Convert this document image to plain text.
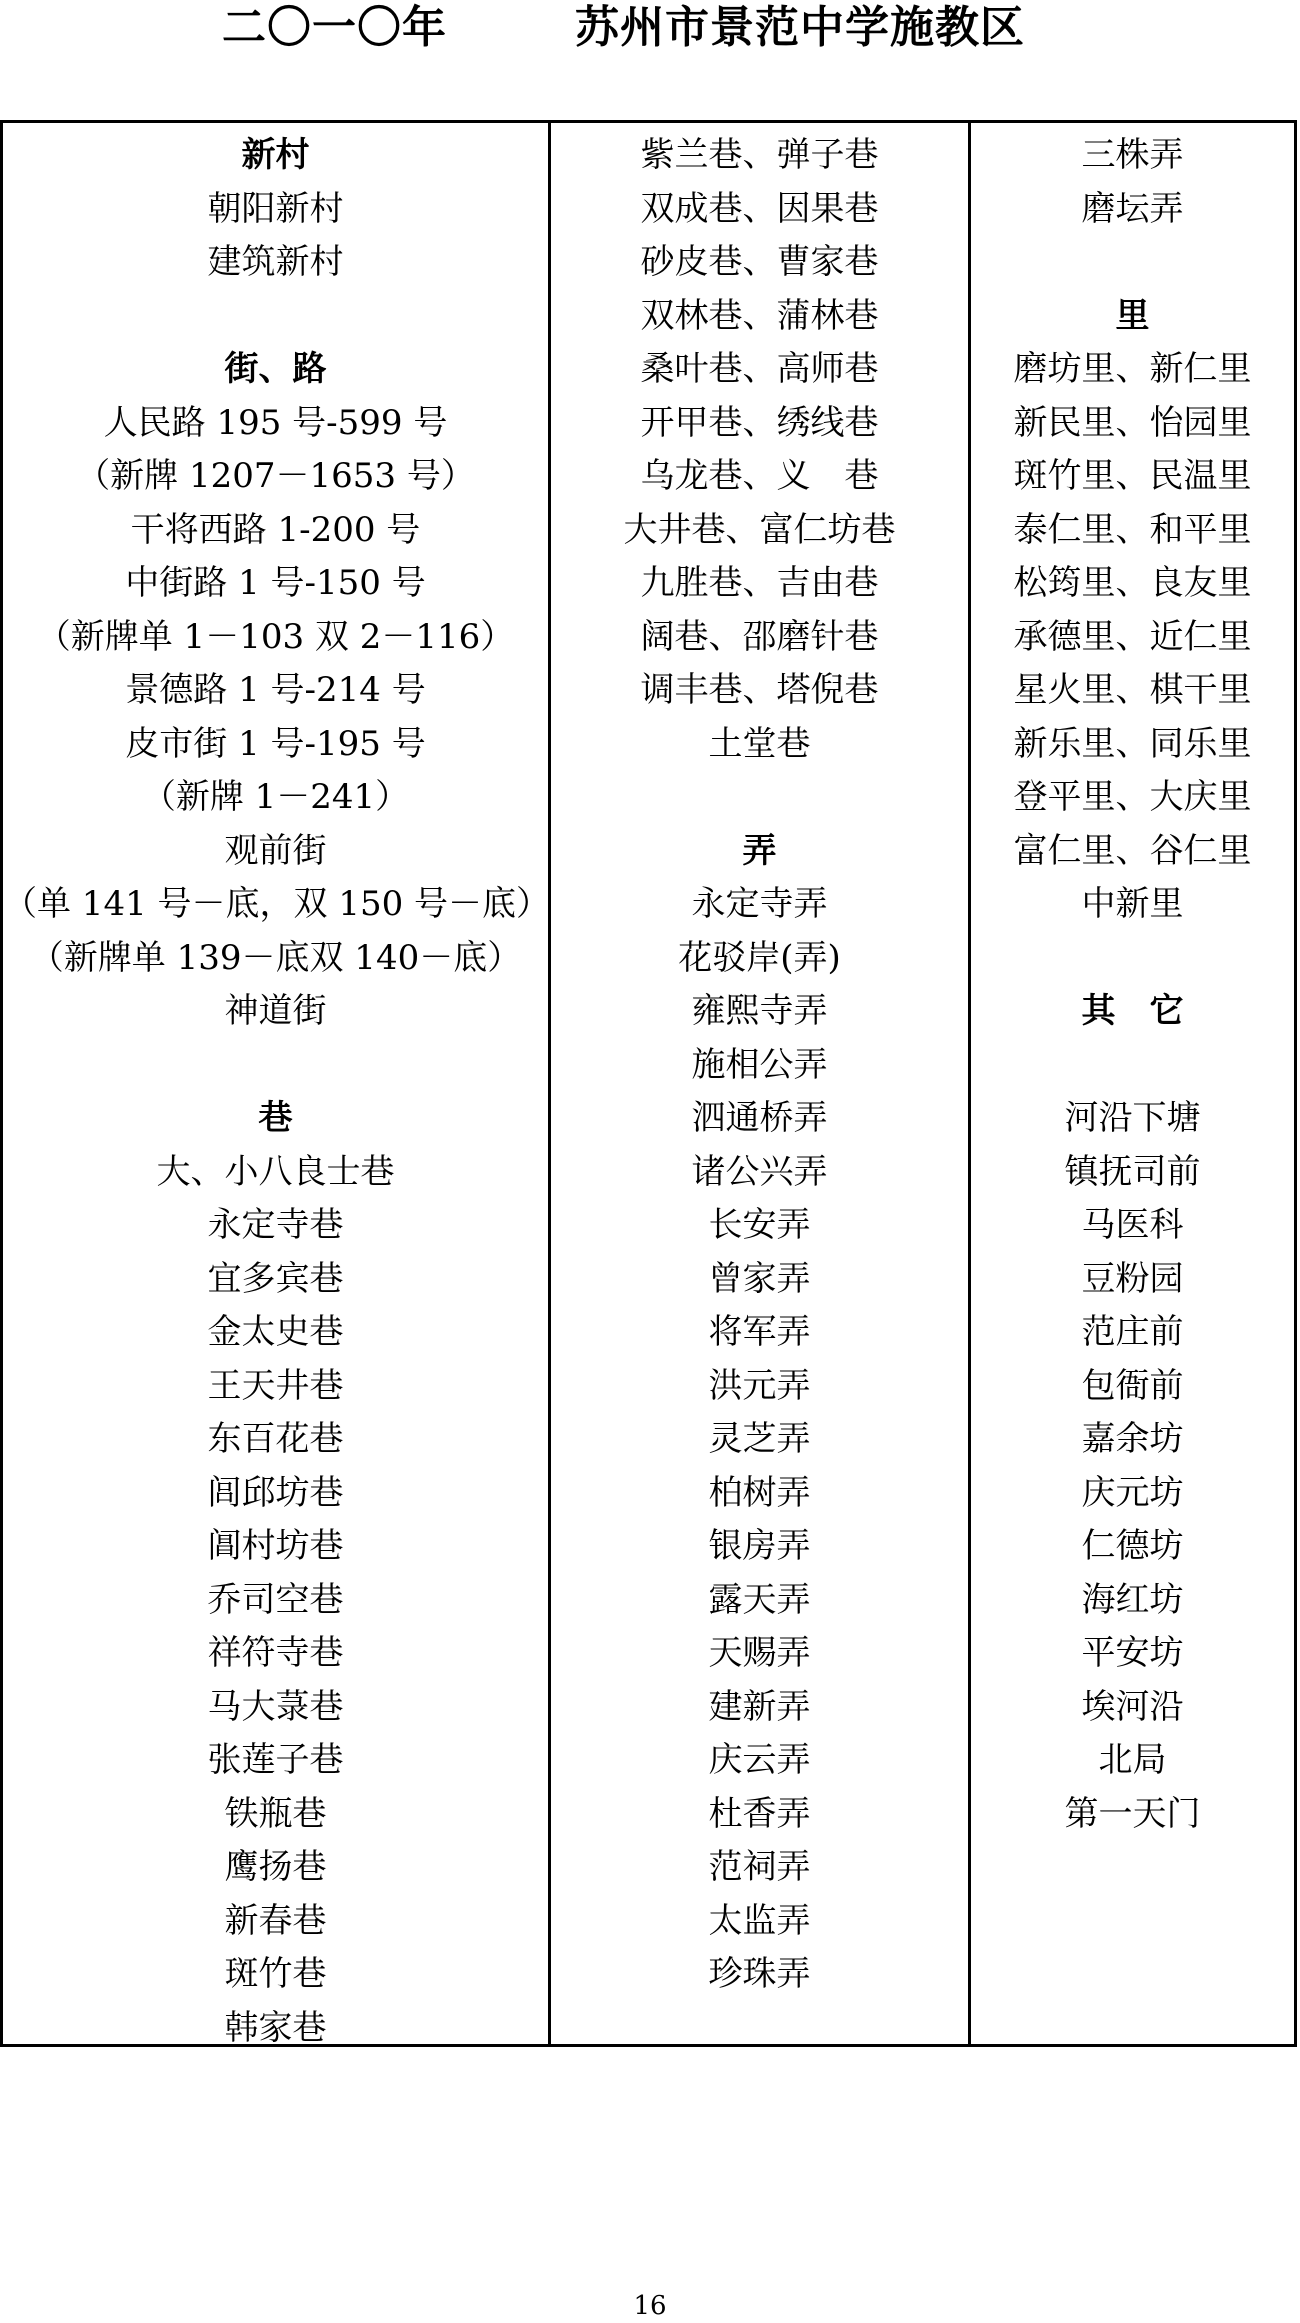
二〇一〇年	苏州市景范中学施教区
新村
朝阳新村
建筑新村
街、路
人民路 195 号-599 号
（新牌 1207－1653 号）
干将西路 1-200 号
中街路 1 号-150 号
（新牌单 1－103 双 2－116）
景德路 1 号-214 号
皮市街 1 号-195 号
（新牌 1－241）
观前街
（单 141 号－底，双 150 号－底）
（新牌单 139－底双 140－底）
神道街
巷
大、小八良士巷
永定寺巷
宜多宾巷
金太史巷
王天井巷
东百花巷
闾邱坊巷
阊村坊巷
乔司空巷
祥符寺巷
马大菉巷
张莲子巷
铁瓶巷
鹰扬巷
新春巷
斑竹巷
韩家巷
紫兰巷、弹子巷
双成巷、因果巷
砂皮巷、曹家巷
双林巷、蒲林巷
桑叶巷、高师巷
开甲巷、绣线巷
乌龙巷、义　巷
大井巷、富仁坊巷
九胜巷、吉由巷
阔巷、邵磨针巷
调丰巷、塔倪巷
土堂巷
弄
永定寺弄
花驳岸(弄)
雍熙寺弄
施相公弄
泗通桥弄
诸公兴弄
长安弄
曾家弄
将军弄
洪元弄
灵芝弄
柏树弄
银房弄
露天弄
天赐弄
建新弄
庆云弄
杜香弄
范祠弄
太监弄
珍珠弄
三株弄
磨坛弄
里
磨坊里、新仁里
新民里、怡园里
斑竹里、民温里
泰仁里、和平里
松筠里、良友里
承德里、近仁里
星火里、棋干里
新乐里、同乐里
登平里、大庆里
富仁里、谷仁里
中新里
其　它
河沿下塘
镇抚司前
马医科
豆粉园
范庄前
包衙前
嘉余坊
庆元坊
仁德坊
海红坊
平安坊
埃河沿
北局
第一天门
16
